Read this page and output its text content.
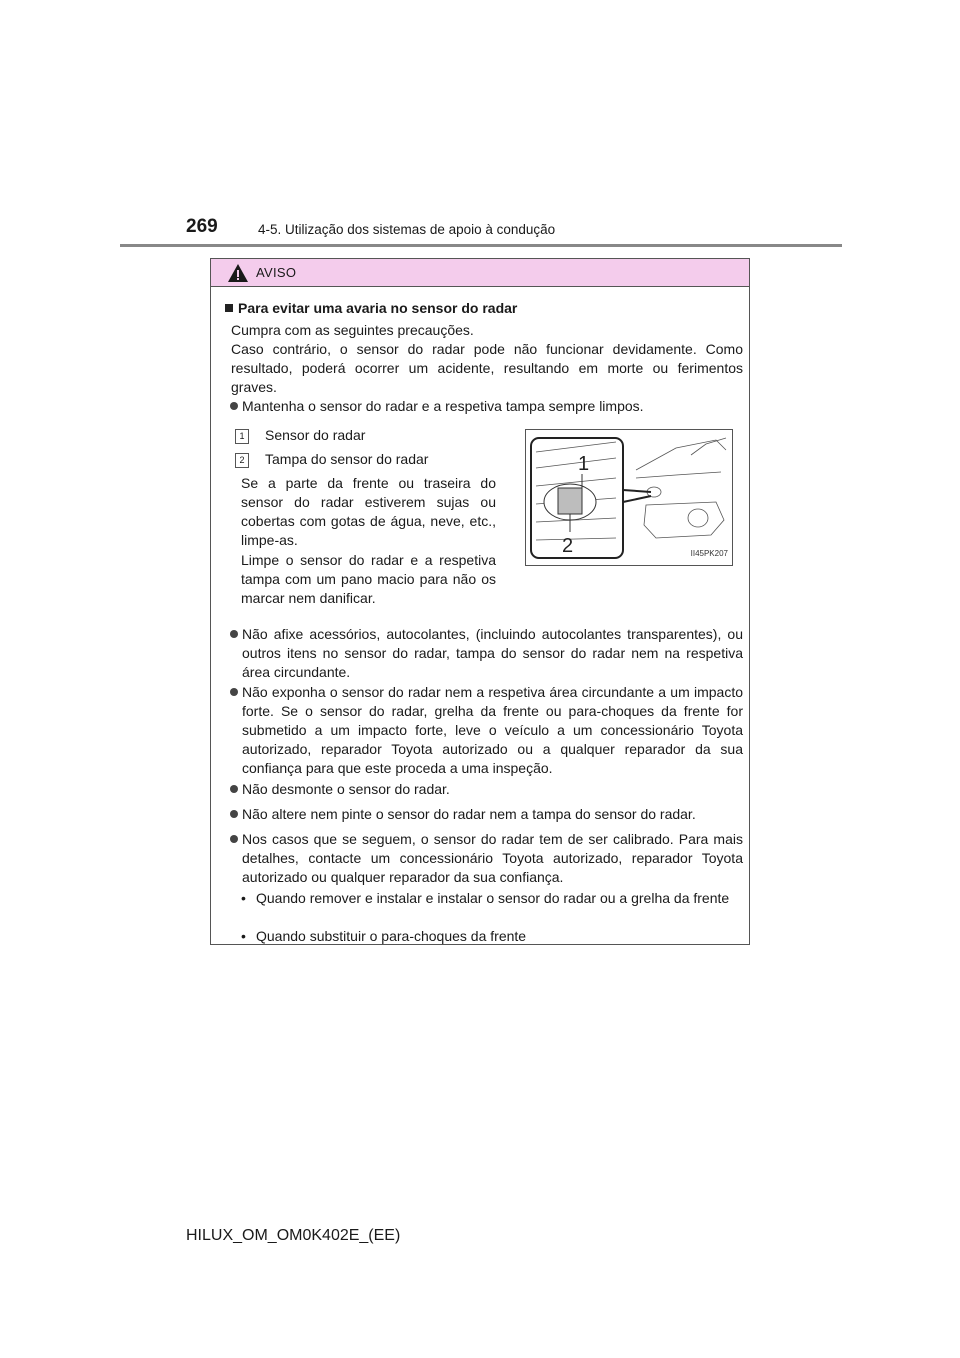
269	4-5. Utilização dos sistemas de apoio à condução
AVISO
Para evitar uma avaria no sensor do radar
Cumpra com as seguintes precauções.
Caso contrário, o sensor do radar pode não funcionar devidamente. Como resultado, poderá ocorrer um acidente, resultando em morte ou ferimentos graves.
Mantenha o sensor do radar e a respetiva tampa sempre limpos.
1 Sensor do radar
2 Tampa do sensor do radar
Se a parte da frente ou traseira do sensor do radar estiverem sujas ou cobertas com gotas de água, neve, etc., limpe-as.
Limpe o sensor do radar e a respetiva tampa com um pano macio para não os marcar nem danificar.
1
2	II45PK207
Não afixe acessórios, autocolantes, (incluindo autocolantes transparentes), ou outros itens no sensor do radar, tampa do sensor do radar nem na respetiva área circundante.
Não exponha o sensor do radar nem a respetiva área circundante a um impacto forte. Se o sensor do radar, grelha da frente ou para-choques da frente for submetido a um impacto forte, leve o veículo a um concessionário Toyota autorizado, reparador Toyota autorizado ou a qualquer reparador da sua confiança para que este proceda a uma inspeção.
Não desmonte o sensor do radar.
Não altere nem pinte o sensor do radar nem a tampa do sensor do radar.
Nos casos que se seguem, o sensor do radar tem de ser calibrado. Para mais detalhes, contacte um concessionário Toyota autorizado, reparador Toyota autorizado ou qualquer reparador da sua confiança.
• Quando remover e instalar e instalar o sensor do radar ou a grelha da frente
• Quando substituir o para-choques da frente
HILUX_OM_OM0K402E_(EE)
